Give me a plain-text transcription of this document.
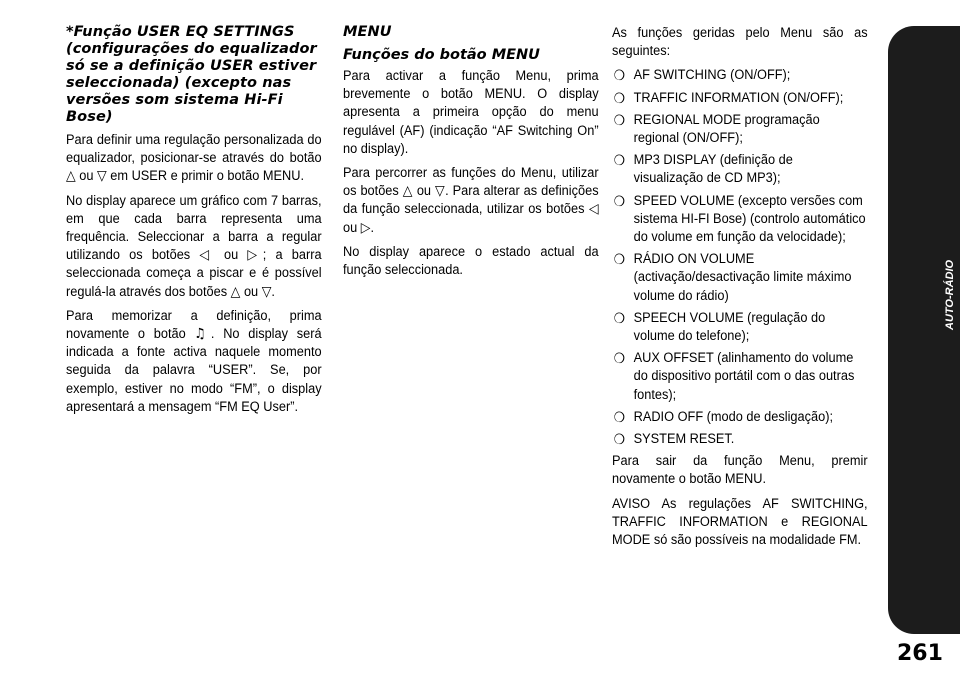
*Função USER EQ SETTINGS (configurações do equalizador só se a definição USER estiver seleccionada) (excepto nas versões som sistema Hi-Fi Bose)

Para definir uma regulação personalizada do equalizador, posicionar-se através do botão △ ou ▽ em USER e primir o botão MENU.

No display aparece um gráfico com 7 barras, em que cada barra representa uma frequência. Seleccionar a barra a regular utilizando os botões ◁ ou ▷; a barra seleccionada começa a piscar e é possível regulá-la através dos botões △ ou ▽.

Para memorizar a definição, prima novamente o botão ♫. No display será indicada a fonte activa naquele momento seguida da palavra “USER”. Se, por exemplo, estiver no modo “FM”, o display apresentará a mensagem “FM EQ User”.

MENU
Funções do botão MENU

Para activar a função Menu, prima brevemente o botão MENU. O display apresenta a primeira opção do menu regulável (AF) (indicação “AF Switching On” no display).

Para percorrer as funções do Menu, utilizar os botões △ ou ▽. Para alterar as definições da função seleccionada, utilizar os botões ◁ ou ▷.

No display aparece o estado actual da função seleccionada.

As funções geridas pelo Menu são as seguintes:

❍ AF SWITCHING (ON/OFF);
❍ TRAFFIC INFORMATION (ON/OFF);
❍ REGIONAL MODE programação regional (ON/OFF);
❍ MP3 DISPLAY (definição de visualização de CD MP3);
❍ SPEED VOLUME (excepto versões com sistema HI-FI Bose) (controlo automático do volume em função da velocidade);
❍ RÁDIO ON VOLUME (activação/desactivação limite máximo volume do rádio)
❍ SPEECH VOLUME (regulação do volume do telefone);
❍ AUX OFFSET (alinhamento do volume do dispositivo portátil com o das outras fontes);
❍ RADIO OFF (modo de desligação);
❍ SYSTEM RESET.

Para sair da função Menu, premir novamente o botão MENU.

AVISO As regulações AF SWITCHING, TRAFFIC INFORMATION e REGIONAL MODE só são possíveis na modalidade FM.

AUTO-RÁDIO
261
